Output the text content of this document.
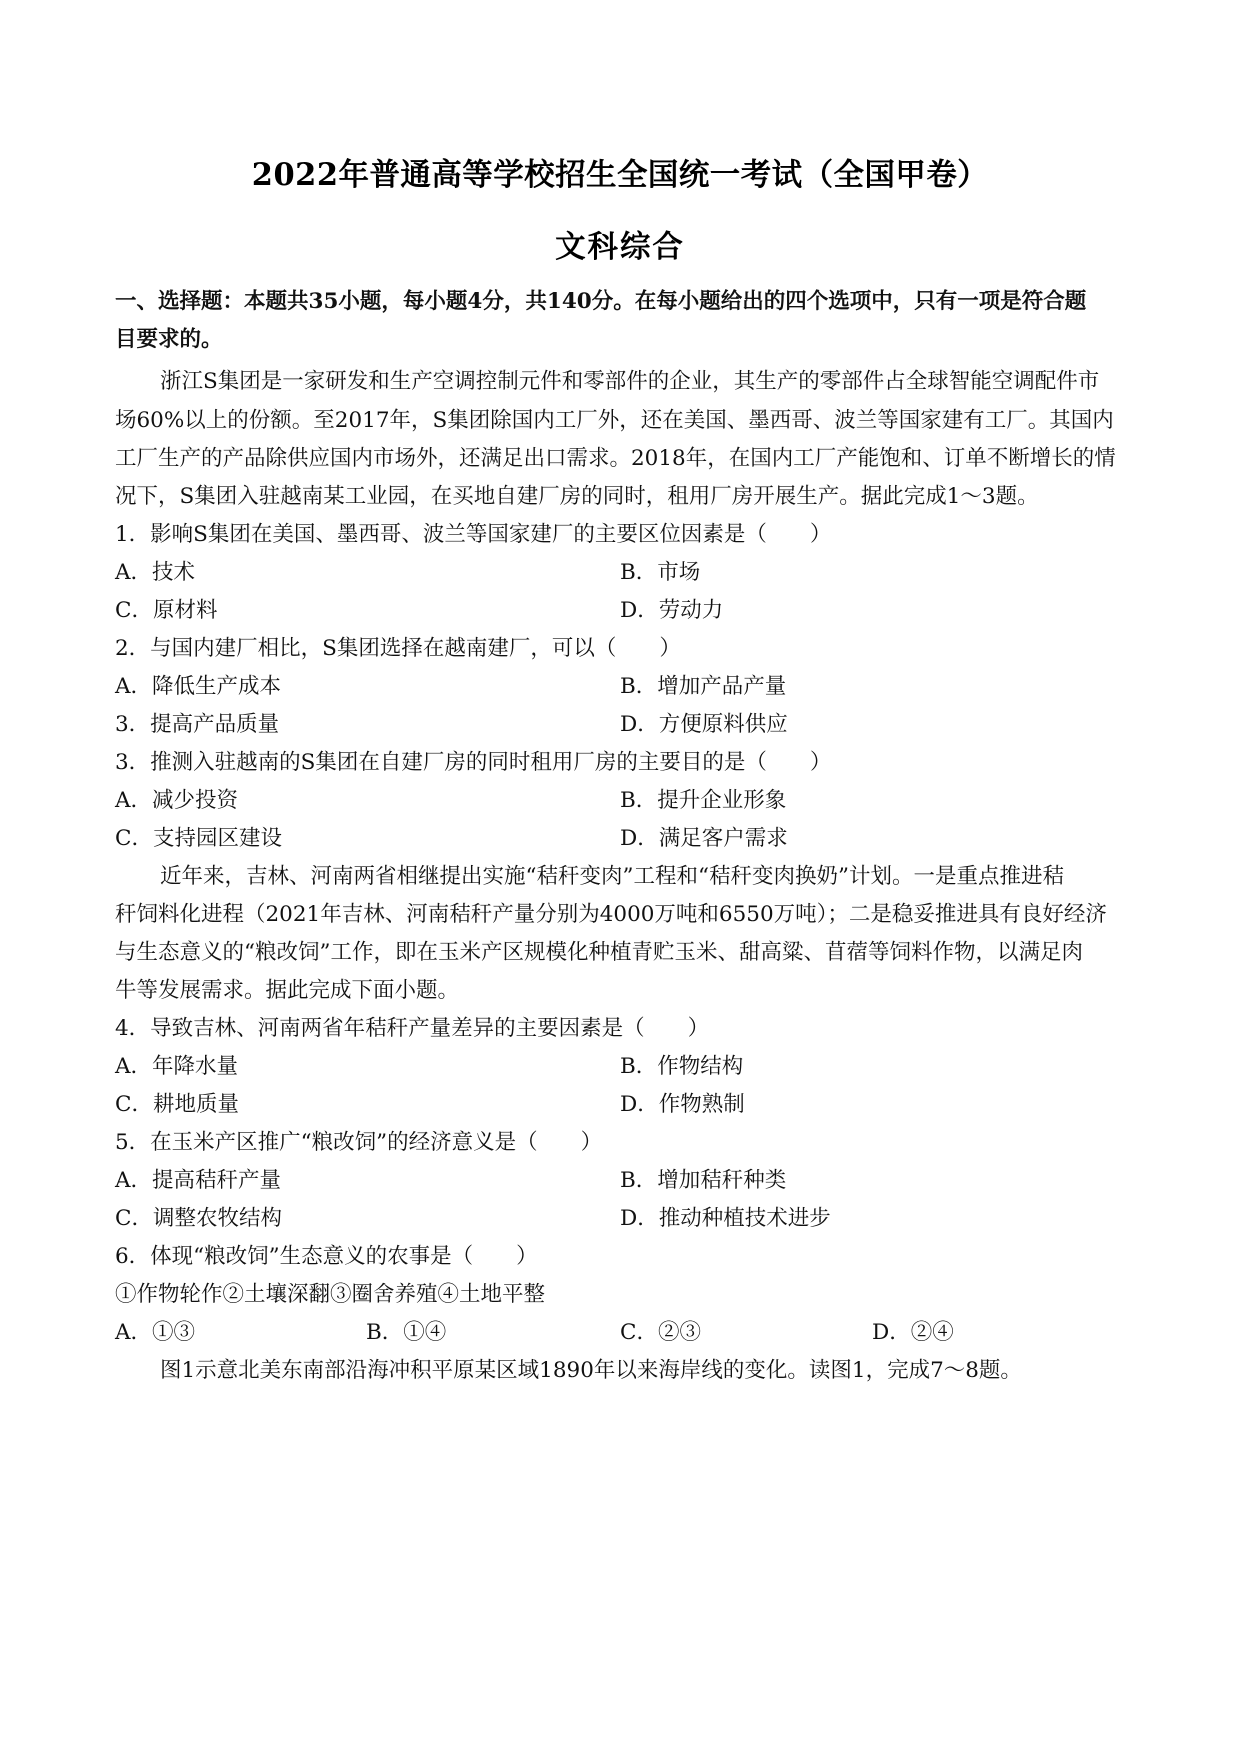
2022年普通高等学校招生全国统一考试（全国甲卷）
文科综合
一、选择题：本题共35小题，每小题4分，共140分。在每小题给出的四个选项中，只有一项是符合题
目要求的。
浙江S集团是一家研发和生产空调控制元件和零部件的企业，其生产的零部件占全球智能空调配件市
场60%以上的份额。至2017年，S集团除国内工厂外，还在美国、墨西哥、波兰等国家建有工厂。其国内
工厂生产的产品除供应国内市场外，还满足出口需求。2018年，在国内工厂产能饱和、订单不断增长的情
况下，S集团入驻越南某工业园，在买地自建厂房的同时，租用厂房开展生产。据此完成1～3题。
1．影响S集团在美国、墨西哥、波兰等国家建厂的主要区位因素是（　　）
A．技术	B．市场
C．原材料	D．劳动力
2．与国内建厂相比，S集团选择在越南建厂，可以（　　）
A．降低生产成本	B．增加产品产量
3．提高产品质量	D．方便原料供应
3．推测入驻越南的S集团在自建厂房的同时租用厂房的主要目的是（　　）
A．减少投资	B．提升企业形象
C．支持园区建设	D．满足客户需求
近年来，吉林、河南两省相继提出实施“秸秆变肉”工程和“秸秆变肉换奶”计划。一是重点推进秸
秆饲料化进程（2021年吉林、河南秸秆产量分别为4000万吨和6550万吨）；二是稳妥推进具有良好经济
与生态意义的“粮改饲”工作，即在玉米产区规模化种植青贮玉米、甜高粱、苜蓿等饲料作物，以满足肉
牛等发展需求。据此完成下面小题。
4．导致吉林、河南两省年秸秆产量差异的主要因素是（　　）
A．年降水量	B．作物结构
C．耕地质量	D．作物熟制
5．在玉米产区推广“粮改饲”的经济意义是（　　）
A．提高秸秆产量	B．增加秸秆种类
C．调整农牧结构	D．推动种植技术进步
6．体现“粮改饲”生态意义的农事是（　　）
①作物轮作②土壤深翻③圈舍养殖④土地平整
A．①③	B．①④	C．②③	D．②④
图1示意北美东南部沿海冲积平原某区域1890年以来海岸线的变化。读图1，完成7～8题。
